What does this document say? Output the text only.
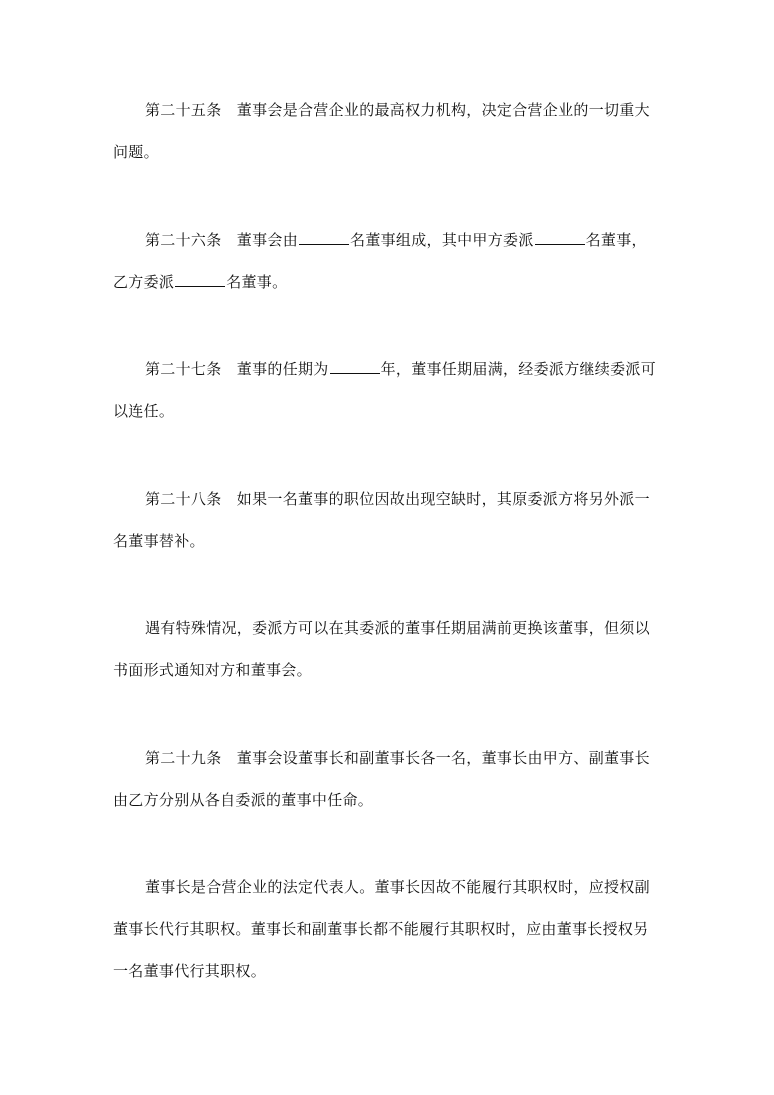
第二十五条　董事会是合营企业的最高权力机构，决定合营企业的一切重大问题。

第二十六条　董事会由	名董事组成，其中甲方委派	名董事，乙方委派	名董事。

第二十七条　董事的任期为	年，董事任期届满，经委派方继续委派可以连任。

第二十八条　如果一名董事的职位因故出现空缺时，其原委派方将另外派一名董事替补。

遇有特殊情况，委派方可以在其委派的董事任期届满前更换该董事，但须以书面形式通知对方和董事会。

第二十九条　董事会设董事长和副董事长各一名，董事长由甲方、副董事长由乙方分别从各自委派的董事中任命。

董事长是合营企业的法定代表人。董事长因故不能履行其职权时，应授权副董事长代行其职权。董事长和副董事长都不能履行其职权时，应由董事长授权另一名董事代行其职权。
